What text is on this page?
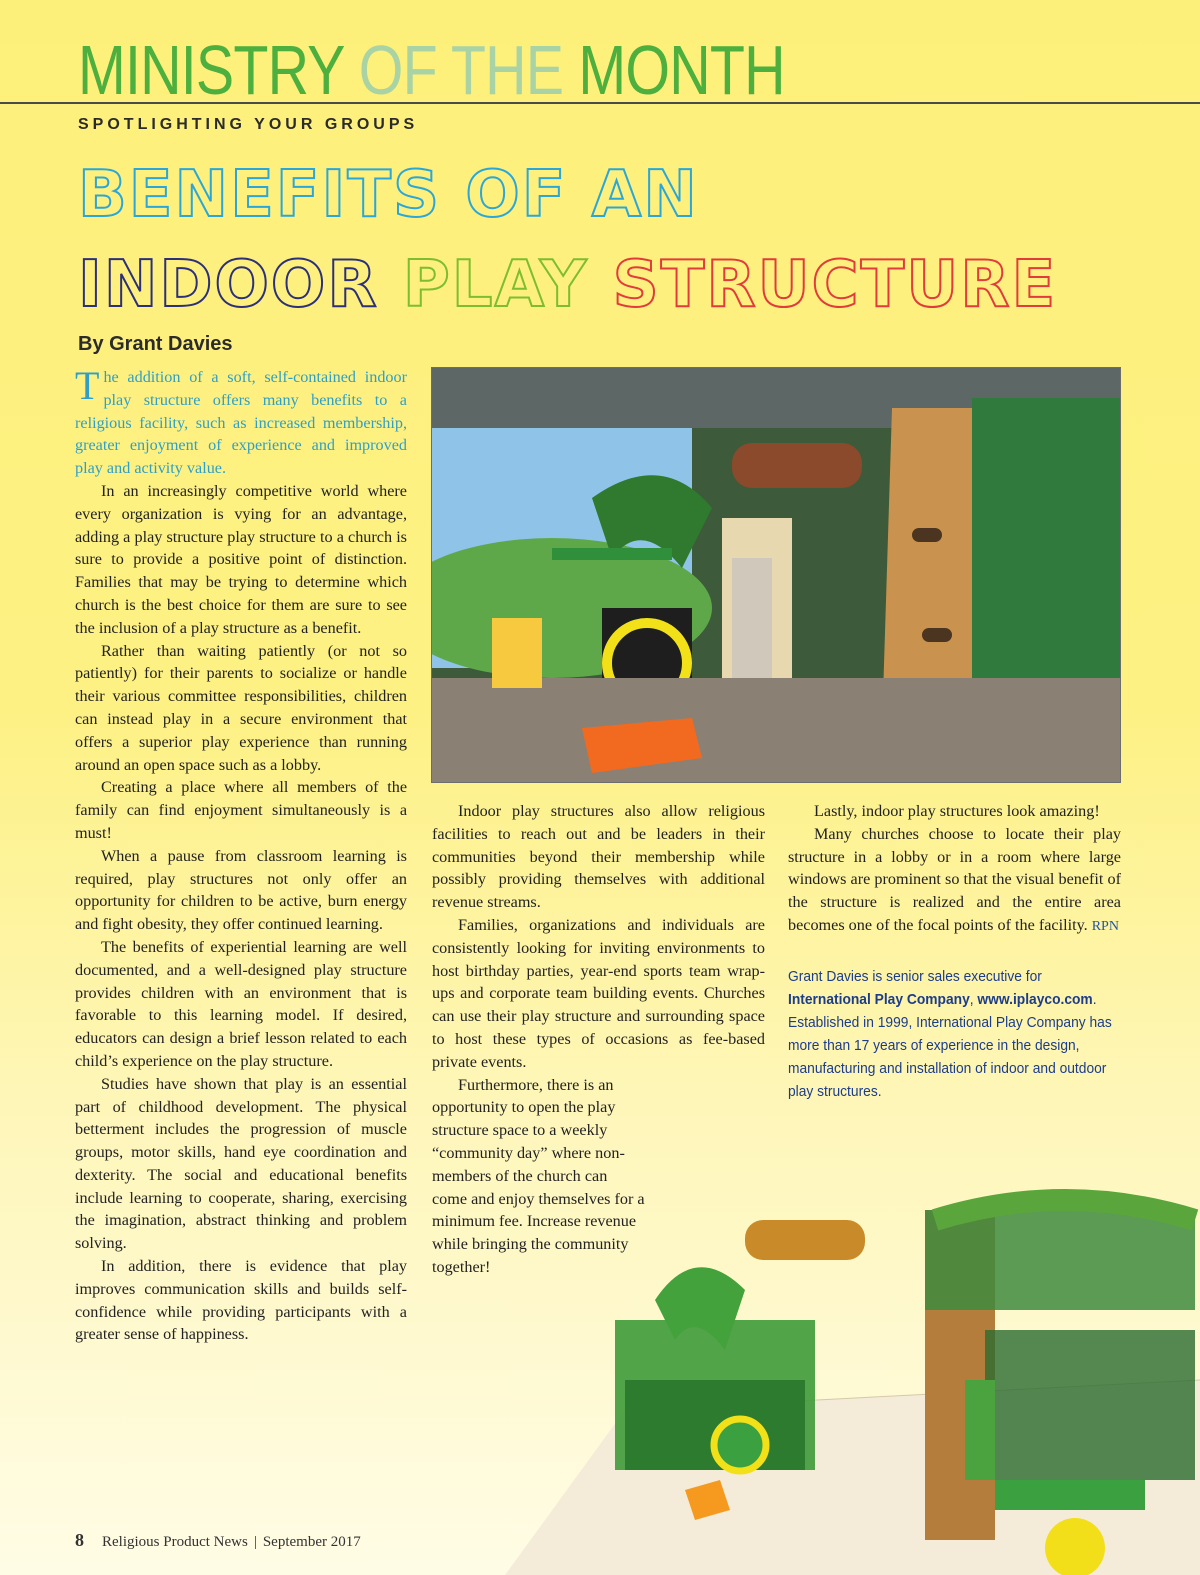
MINISTRY OF THE MONTH
SPOTLIGHTING YOUR GROUPS
BENEFITS OF AN
INDOOR PLAY STRUCTURE
By Grant Davies

The addition of a soft, self-contained indoor play structure offers many benefits to a religious facility, such as increased membership, greater enjoyment of experience and improved play and activity value.

In an increasingly competitive world where every organization is vying for an advantage, adding a play structure play structure to a church is sure to provide a positive point of distinction. Families that may be trying to determine which church is the best choice for them are sure to see the inclusion of a play structure as a benefit.

Rather than waiting patiently (or not so patiently) for their parents to socialize or handle their various committee responsibilities, children can instead play in a secure environment that offers a superior play experience than running around an open space such as a lobby.

Creating a place where all members of the family can find enjoyment simultaneously is a must!

When a pause from classroom learning is required, play structures not only offer an opportunity for children to be active, burn energy and fight obesity, they offer continued learning.

The benefits of experiential learning are well documented, and a well-designed play structure provides children with an environment that is favorable to this learning model. If desired, educators can design a brief lesson related to each child’s experience on the play structure.

Studies have shown that play is an essential part of childhood development. The physical betterment includes the progression of muscle groups, motor skills, hand eye coordination and dexterity. The social and educational benefits include learning to cooperate, sharing, exercising the imagination, abstract thinking and problem solving.

In addition, there is evidence that play improves communication skills and builds self-confidence while providing participants with a greater sense of happiness.

Indoor play structures also allow religious facilities to reach out and be leaders in their communities beyond their membership while possibly providing themselves with additional revenue streams.

Families, organizations and individuals are consistently looking for inviting environments to host birthday parties, year-end sports team wrap-ups and corporate team building events. Churches can use their play structure and surrounding space to host these types of occasions as fee-based private events.

Furthermore, there is an opportunity to open the play structure space to a weekly “community day” where non-members of the church can come and enjoy themselves for a minimum fee. Increase revenue while bringing the community together!

Lastly, indoor play structures look amazing!

Many churches choose to locate their play structure in a lobby or in a room where large windows are prominent so that the visual benefit of the structure is realized and the entire area becomes one of the focal points of the facility. RPN

Grant Davies is senior sales executive for International Play Company, www.iplayco.com. Established in 1999, International Play Company has more than 17 years of experience in the design, manufacturing and installation of indoor and outdoor play structures.

8 Religious Product News | September 2017
